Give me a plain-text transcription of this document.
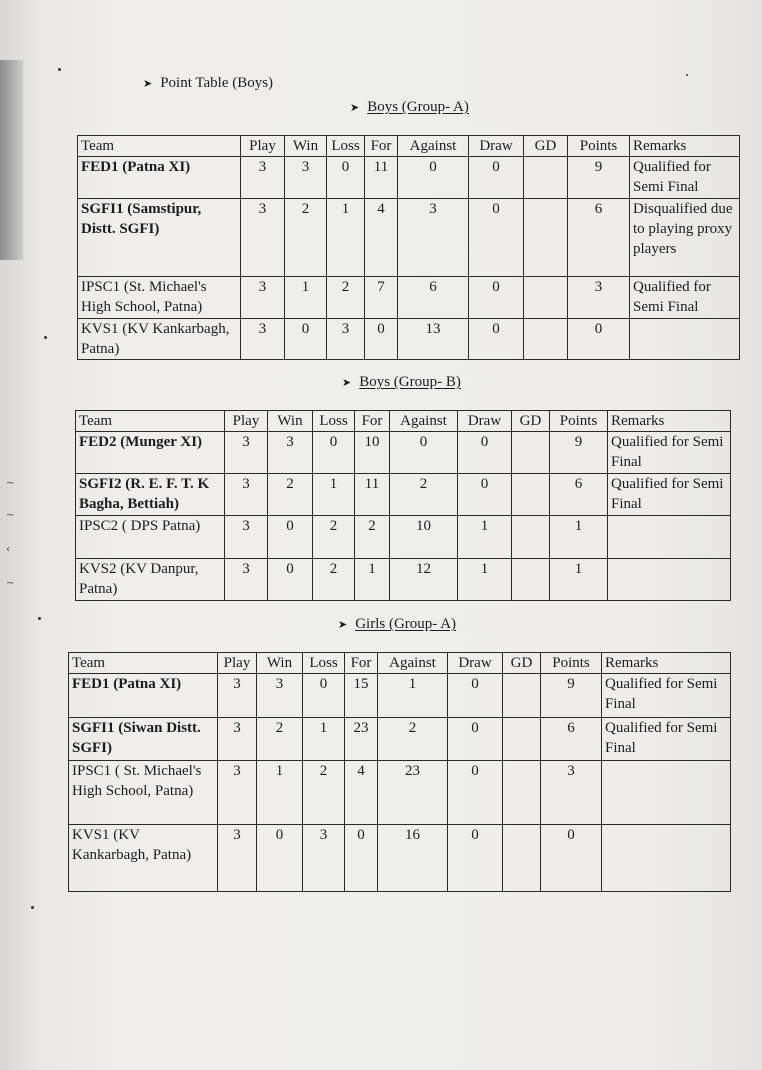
~
~
‹
~
➤ Point Table (Boys)
➤ Boys (Group- A)
Team	Play	Win	Loss	For	Against	Draw	GD	Points	Remarks
FED1 (Patna XI)	3	3	0	11	0	0		9	Qualified for Semi Final
SGFI1 (Samstipur, Distt. SGFI)	3	2	1	4	3	0		6	Disqualified due to playing proxy players
IPSC1 (St. Michael's High School, Patna)	3	1	2	7	6	0		3	Qualified for Semi Final
KVS1 (KV Kankarbagh, Patna)	3	0	3	0	13	0		0	
➤ Boys (Group- B)
Team	Play	Win	Loss	For	Against	Draw	GD	Points	Remarks
FED2 (Munger XI)	3	3	0	10	0	0		9	Qualified for Semi Final
SGFI2 (R. E. F. T. K Bagha, Bettiah)	3	2	1	11	2	0		6	Qualified for Semi Final
IPSC2 ( DPS Patna)	3	0	2	2	10	1		1	
KVS2 (KV Danpur, Patna)	3	0	2	1	12	1		1	
➤ Girls (Group- A)
Team	Play	Win	Loss	For	Against	Draw	GD	Points	Remarks
FED1 (Patna XI)	3	3	0	15	1	0		9	Qualified for Semi Final
SGFI1 (Siwan Distt. SGFI)	3	2	1	23	2	0		6	Qualified for Semi Final
IPSC1 ( St. Michael's High School, Patna)	3	1	2	4	23	0		3	
KVS1 (KV Kankarbagh, Patna)	3	0	3	0	16	0		0	
